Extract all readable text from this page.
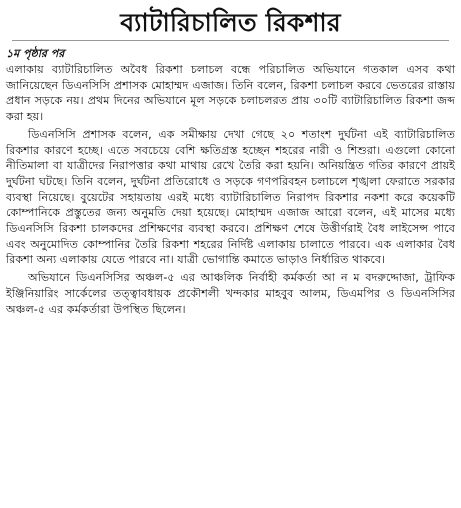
ব্যাটারিচালিত রিকশার
১ম পৃষ্ঠার পর

এলাকায় ব্যাটারিচালিত অবৈধ রিকশা চলাচল বন্ধে পরিচালিত অভিযানে গতকাল এসব কথা জানিয়েছেন ডিএনসিসি প্রশাসক মোহাম্মদ এজাজ। তিনি বলেন, রিকশা চলাচল করবে ভেতরের রাস্তায় প্রধান সড়কে নয়। প্রথম দিনের অভিযানে মূল সড়কে চলাচলরত প্রায় ৩০টি ব্যাটারিচালিত রিকশা জব্দ করা হয়।

ডিএনসিসি প্রশাসক বলেন, এক সমীক্ষায় দেখা গেছে ২০ শতাংশ দুর্ঘটনা এই ব্যাটারিচালিত রিকশার কারণে হচ্ছে। এতে সবচেয়ে বেশি ক্ষতিগ্রস্ত হচ্ছেন শহরের নারী ও শিশুরা। এগুলো কোনো নীতিমালা বা যাত্রীদের নিরাপত্তার কথা মাথায় রেখে তৈরি করা হয়নি। অনিয়ন্ত্রিত গতির কারণে প্রায়ই দুর্ঘটনা ঘটছে। তিনি বলেন, দুর্ঘটনা প্রতিরোধে ও সড়কে গণপরিবহন চলাচলে শৃঙ্খলা ফেরাতে সরকার ব্যবস্থা নিয়েছে। বুয়েটের সহায়তায় এরই মধ্যে ব্যাটারিচালিত নিরাপদ রিকশার নকশা করে কয়েকটি কোম্পানিকে প্রস্তুতের জন্য অনুমতি দেয়া হয়েছে। মোহাম্মদ এজাজ আরো বলেন, এই মাসের মধ্যে ডিএনসিসি রিকশা চালকদের প্রশিক্ষণের ব্যবস্থা করবে। প্রশিক্ষণ শেষে উত্তীর্ণরাই বৈধ লাইসেন্স পাবে এবং অনুমোদিত কোম্পানির তৈরি রিকশা শহরের নির্দিষ্ট এলাকায় চালাতে পারবে। এক এলাকার বৈধ রিকশা অন্য এলাকায় যেতে পারবে না। যাত্রী ভোগান্তি কমাতে ভাড়াও নির্ধারিত থাকবে।

অভিযানে ডিএনসিসির অঞ্চল-৫ এর আঞ্চলিক নির্বাহী কর্মকর্তা আ ন ম বদরুদ্দোজা, ট্রাফিক ইঞ্জিনিয়ারিং সার্কেলের তত্ত্বাবধায়ক প্রকৌশলী খন্দকার মাহবুব আলম, ডিএমপির ও ডিএনসিসির অঞ্চল-৫ এর কর্মকর্তারা উপস্থিত ছিলেন।
